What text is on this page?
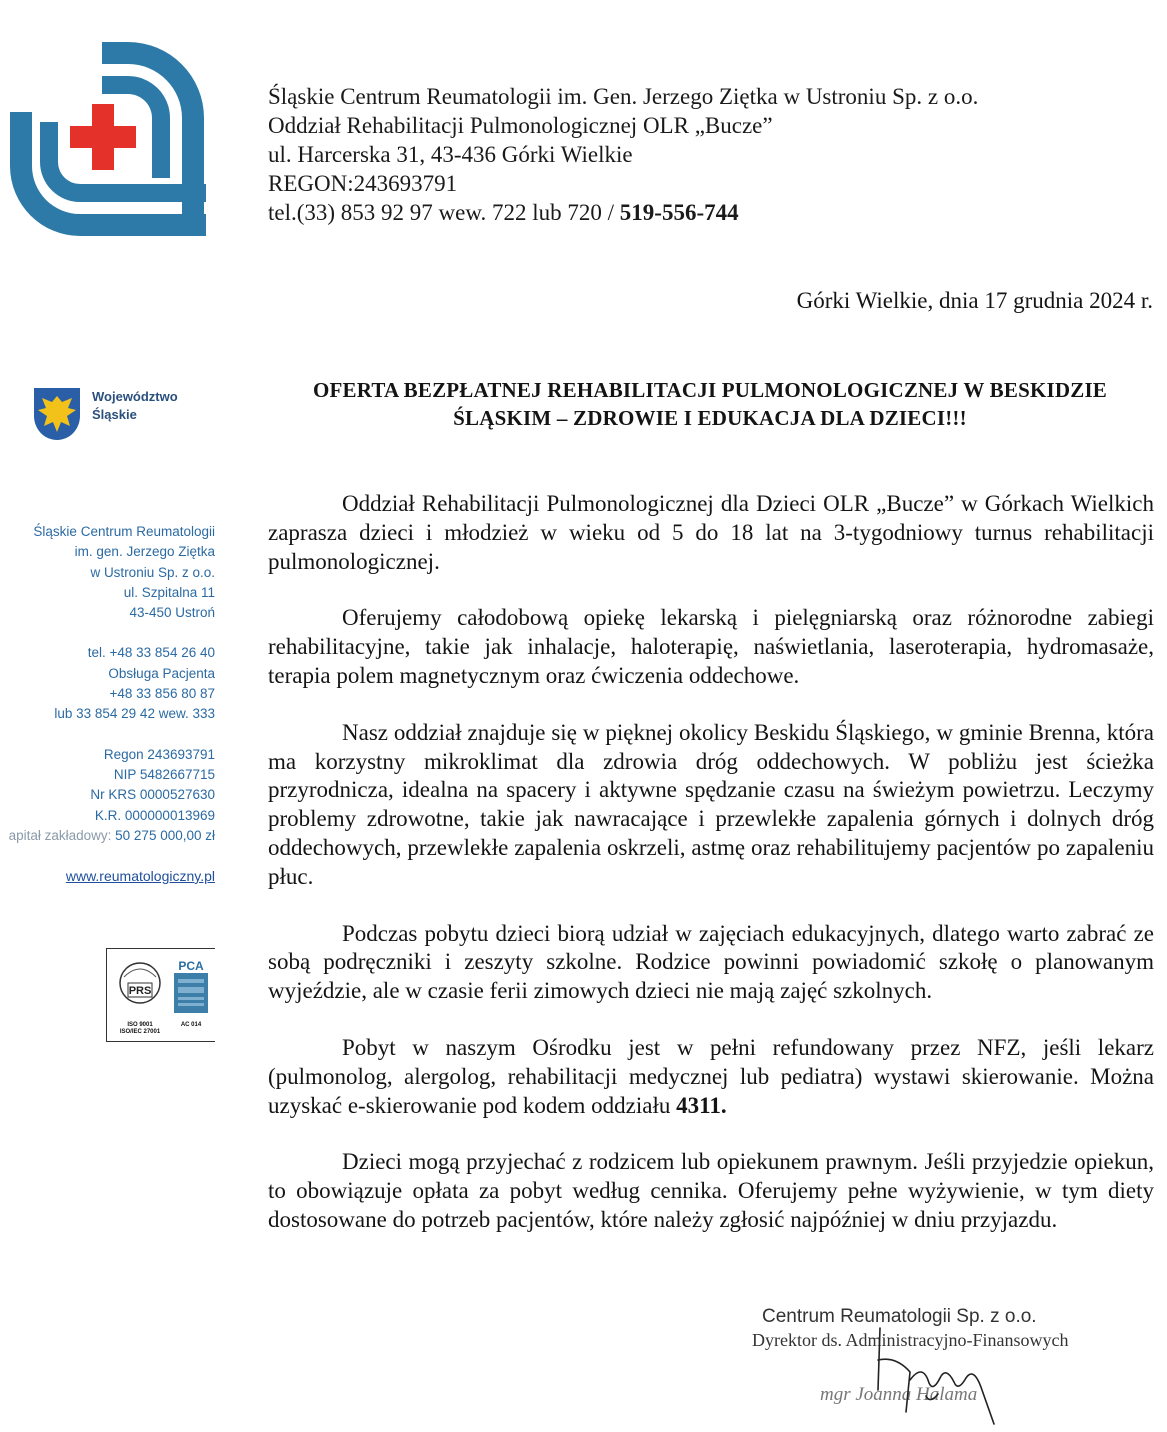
Śląskie Centrum Reumatologii im. Gen. Jerzego Ziętka w Ustroniu Sp. z o.o.
Oddział Rehabilitacji Pulmonologicznej OLR „Bucze”
ul. Harcerska 31, 43-436 Górki Wielkie
REGON:243693791
tel.(33) 853 92 97 wew. 722 lub 720 / 519-556-744
Górki Wielkie, dnia 17 grudnia 2024 r.
Województwo
Śląskie
Śląskie Centrum Reumatologii
im. gen. Jerzego Ziętka
w Ustroniu Sp. z o.o.
ul. Szpitalna 11
43-450 Ustroń
tel. +48 33 854 26 40
Obsługa Pacjenta
+48 33 856 80 87
lub 33 854 29 42 wew. 333
Regon 243693791
NIP 5482667715
Nr KRS 0000527630
K.R. 000000013969
apitał zakładowy: 50 275 000,00 zł
www.reumatologiczny.pl
PRS
ISO 9001
ISO/IEC 27001
PCA
AC 014
OFERTA BEZPŁATNEJ REHABILITACJI PULMONOLOGICZNEJ W BESKIDZIE
ŚLĄSKIM – ZDROWIE I EDUKACJA DLA DZIECI!!!

Oddział Rehabilitacji Pulmonologicznej dla Dzieci OLR „Bucze” w Górkach Wielkich zaprasza dzieci i młodzież w wieku od 5 do 18 lat na 3-tygodniowy turnus rehabilitacji pulmonologicznej.

Oferujemy całodobową opiekę lekarską i pielęgniarską oraz różnorodne zabiegi rehabilitacyjne, takie jak inhalacje, haloterapię, naświetlania, laseroterapia, hydromasaże, terapia polem magnetycznym oraz ćwiczenia oddechowe.

Nasz oddział znajduje się w pięknej okolicy Beskidu Śląskiego, w gminie Brenna, która ma korzystny mikroklimat dla zdrowia dróg oddechowych. W pobliżu jest ścieżka przyrodnicza, idealna na spacery i aktywne spędzanie czasu na świeżym powietrzu. Leczymy problemy zdrowotne, takie jak nawracające i przewlekłe zapalenia górnych i dolnych dróg oddechowych, przewlekłe zapalenia oskrzeli, astmę oraz rehabilitujemy pacjentów po zapaleniu płuc.

Podczas pobytu dzieci biorą udział w zajęciach edukacyjnych, dlatego warto zabrać ze sobą podręczniki i zeszyty szkolne. Rodzice powinni powiadomić szkołę o planowanym wyjeździe, ale w czasie ferii zimowych dzieci nie mają zajęć szkolnych.

Pobyt w naszym Ośrodku jest w pełni refundowany przez NFZ, jeśli lekarz (pulmonolog, alergolog, rehabilitacji medycznej lub pediatra) wystawi skierowanie. Można uzyskać e-skierowanie pod kodem oddziału 4311.

Dzieci mogą przyjechać z rodzicem lub opiekunem prawnym. Jeśli przyjedzie opiekun, to obowiązuje opłata za pobyt według cennika. Oferujemy pełne wyżywienie, w tym diety dostosowane do potrzeb pacjentów, które należy zgłosić najpóźniej w dniu przyjazdu.

Centrum Reumatologii Sp. z o.o.
Dyrektor ds. Administracyjno-Finansowych
mgr Joanna Halama
